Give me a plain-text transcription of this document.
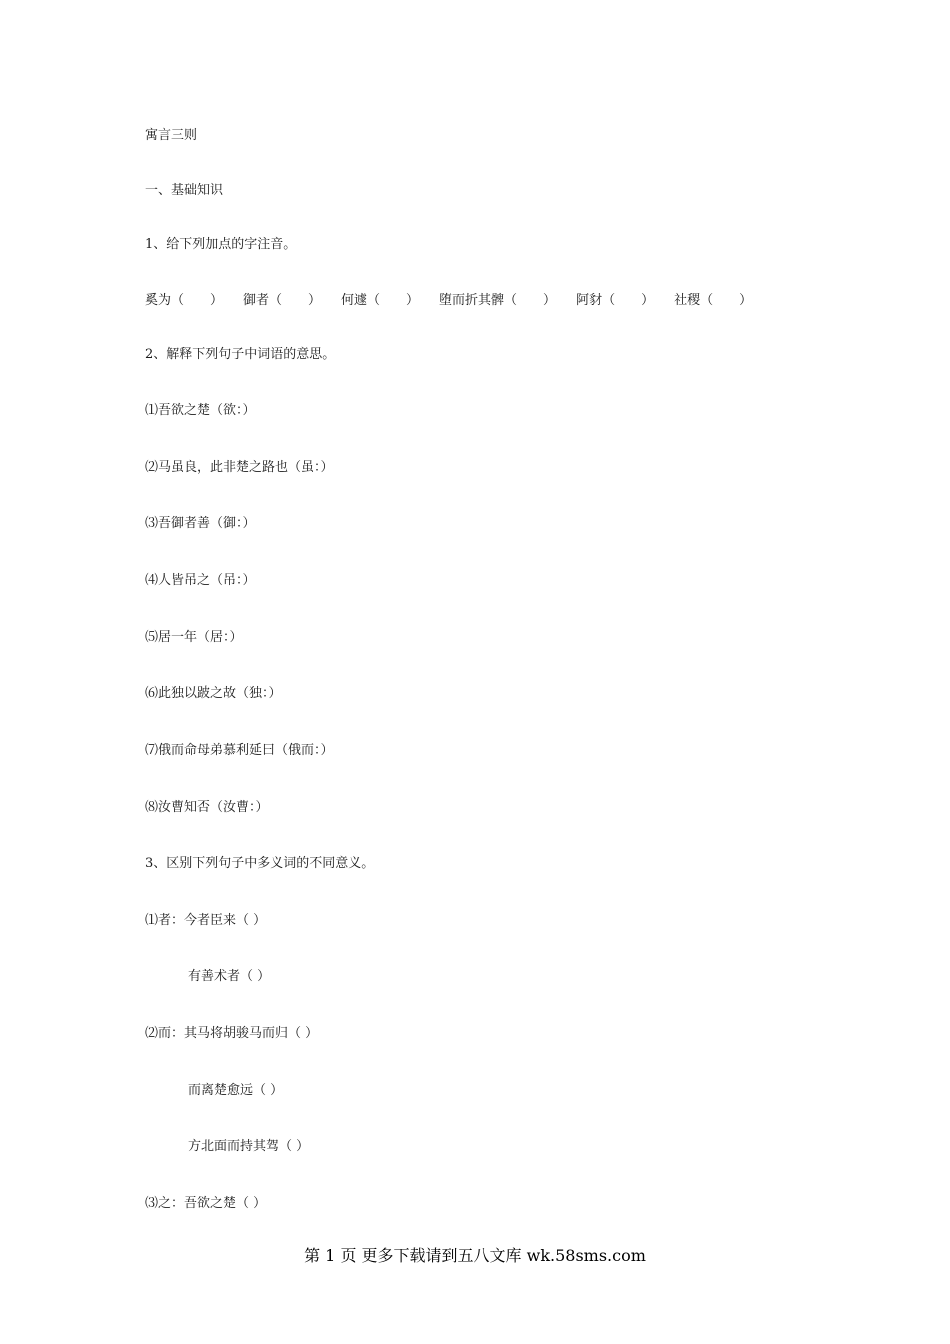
寓言三则
一、基础知识
1、给下列加点的字注音。
奚为（　　） 御者（　　） 何遽（　　） 堕而折其髀（　　） 阿豺（　　） 社稷（　　）
2、解释下列句子中词语的意思。
⑴吾欲之楚（欲：）
⑵马虽良，此非楚之路也（虽：）
⑶吾御者善（御：）
⑷人皆吊之（吊：）
⑸居一年（居：）
⑹此独以跛之故（独：）
⑺俄而命母弟慕利延曰（俄而：）
⑻汝曹知否（汝曹：）
3、区别下列句子中多义词的不同意义。
⑴者：今者臣来（ ）
有善术者（ ）
⑵而：其马将胡骏马而归（ ）
而离楚愈远（ ）
方北面而持其驾（ ）
⑶之：吾欲之楚（ ）
第 1 页 更多下载请到五八文库 wk.58sms.com
